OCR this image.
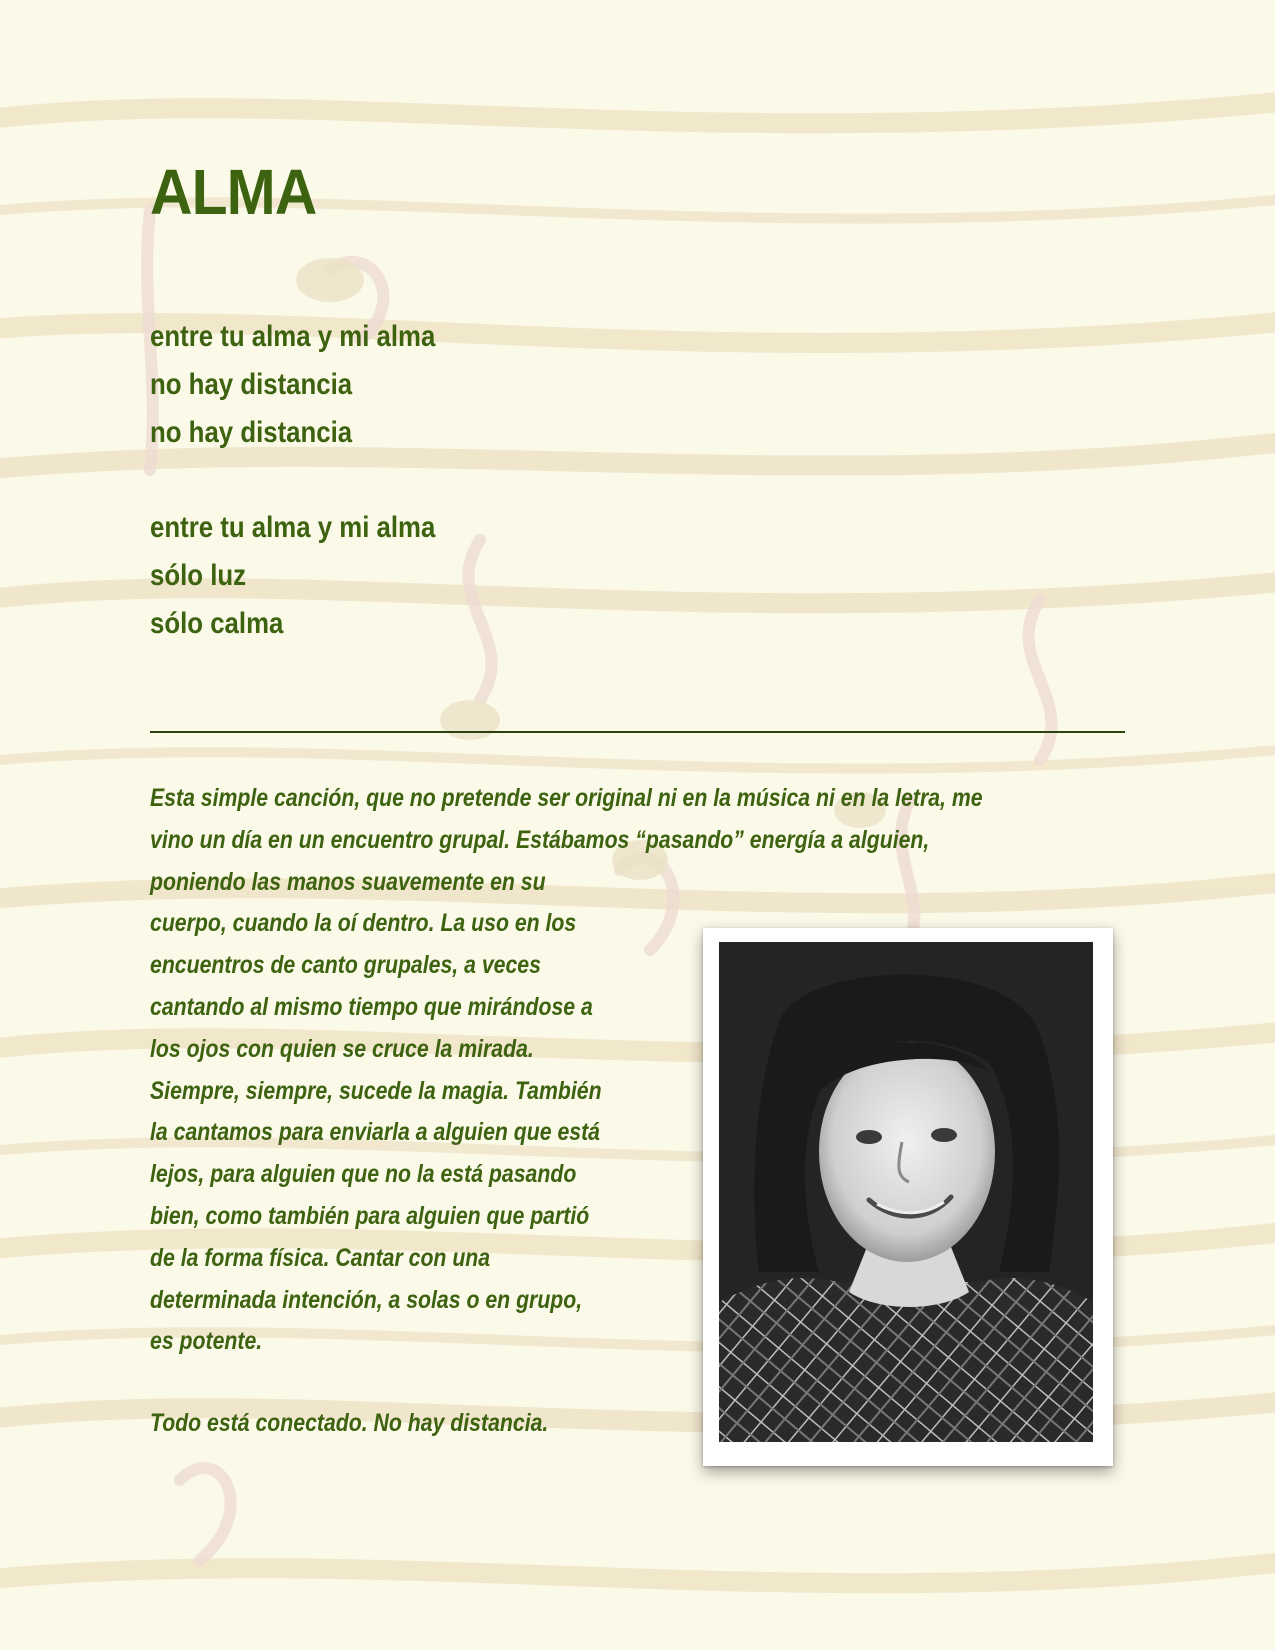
ALMA
entre tu alma y mi alma
no hay distancia
no hay distancia
entre tu alma y mi alma
sólo luz
sólo calma

Esta simple canción, que no pretende ser original ni en la música ni en la letra, me
vino un día en un encuentro grupal. Estábamos “pasando” energía a alguien,
poniendo las manos suavemente en su
cuerpo, cuando la oí dentro. La uso en los
encuentros de canto grupales, a veces
cantando al mismo tiempo que mirándose a
los ojos con quien se cruce la mirada.
Siempre, siempre, sucede la magia. También
la cantamos para enviarla a alguien que está
lejos, para alguien que no la está pasando
bien, como también para alguien que partió
de la forma física. Cantar con una
determinada intención, a solas o en grupo,
es potente.

Todo está conectado. No hay distancia.
